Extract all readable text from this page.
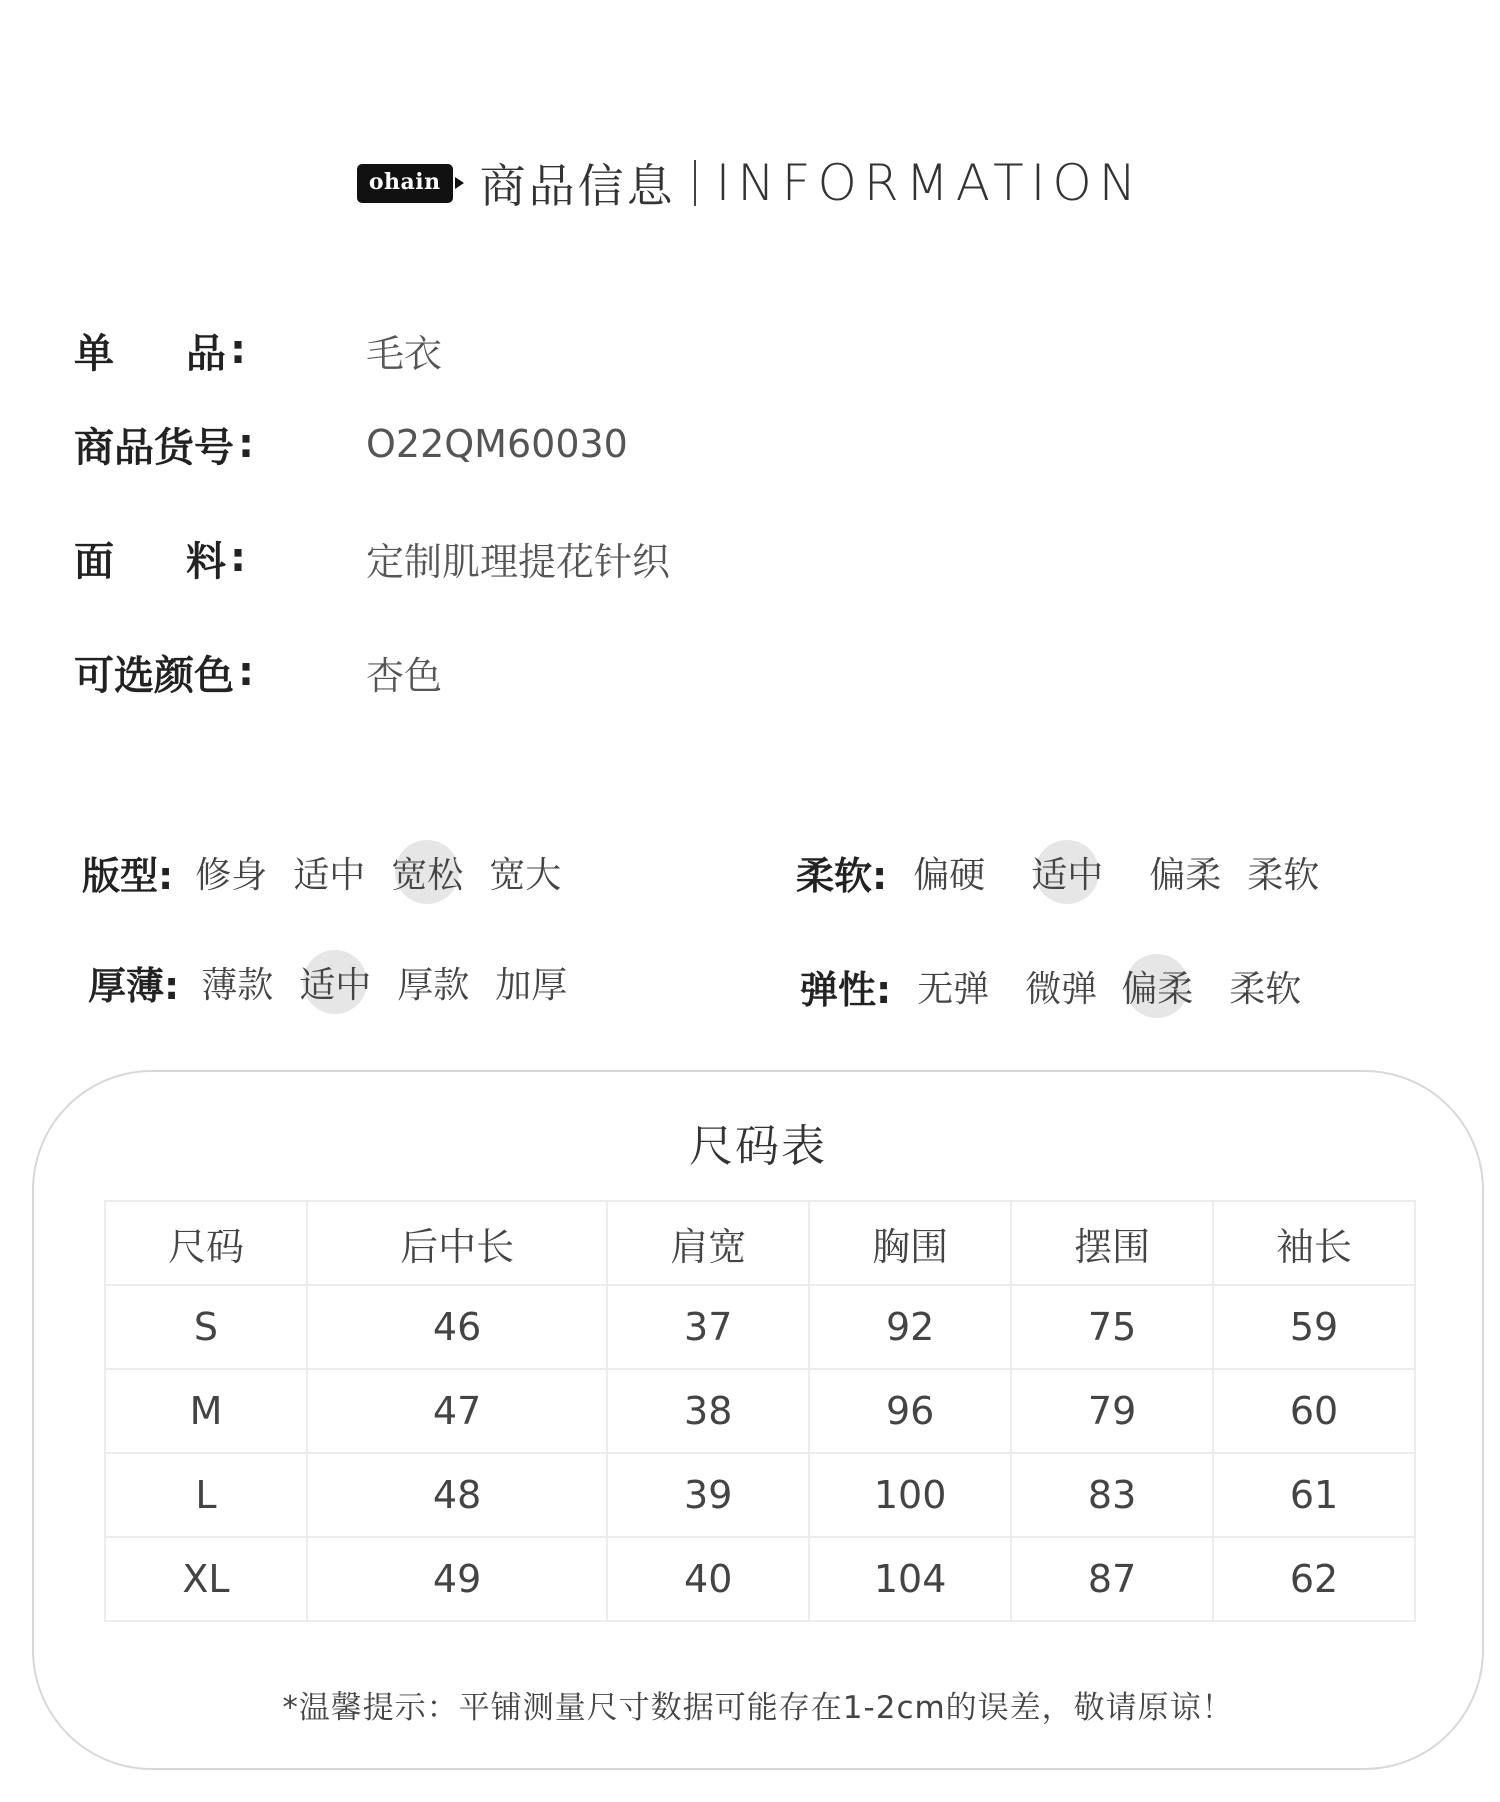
ohain 商品信息 INFORMATION
单 品 :	毛衣
商品货号 :	O22QM60030
面 料 :	定制肌理提花针织
可选颜色 :	杏色
版型: 修身 适中 宽松 宽大	柔软: 偏硬 适中 偏柔 柔软
厚薄: 薄款 适中 厚款 加厚	弹性: 无弹 微弹 偏柔 柔软
尺码表
尺码	后中长	肩宽	胸围	摆围	袖长
S	46	37	92	75	59
M	47	38	96	79	60
L	48	39	100	83	61
XL	49	40	104	87	62
*温馨提示：平铺测量尺寸数据可能存在1-2cm的误差，敬请原谅！
